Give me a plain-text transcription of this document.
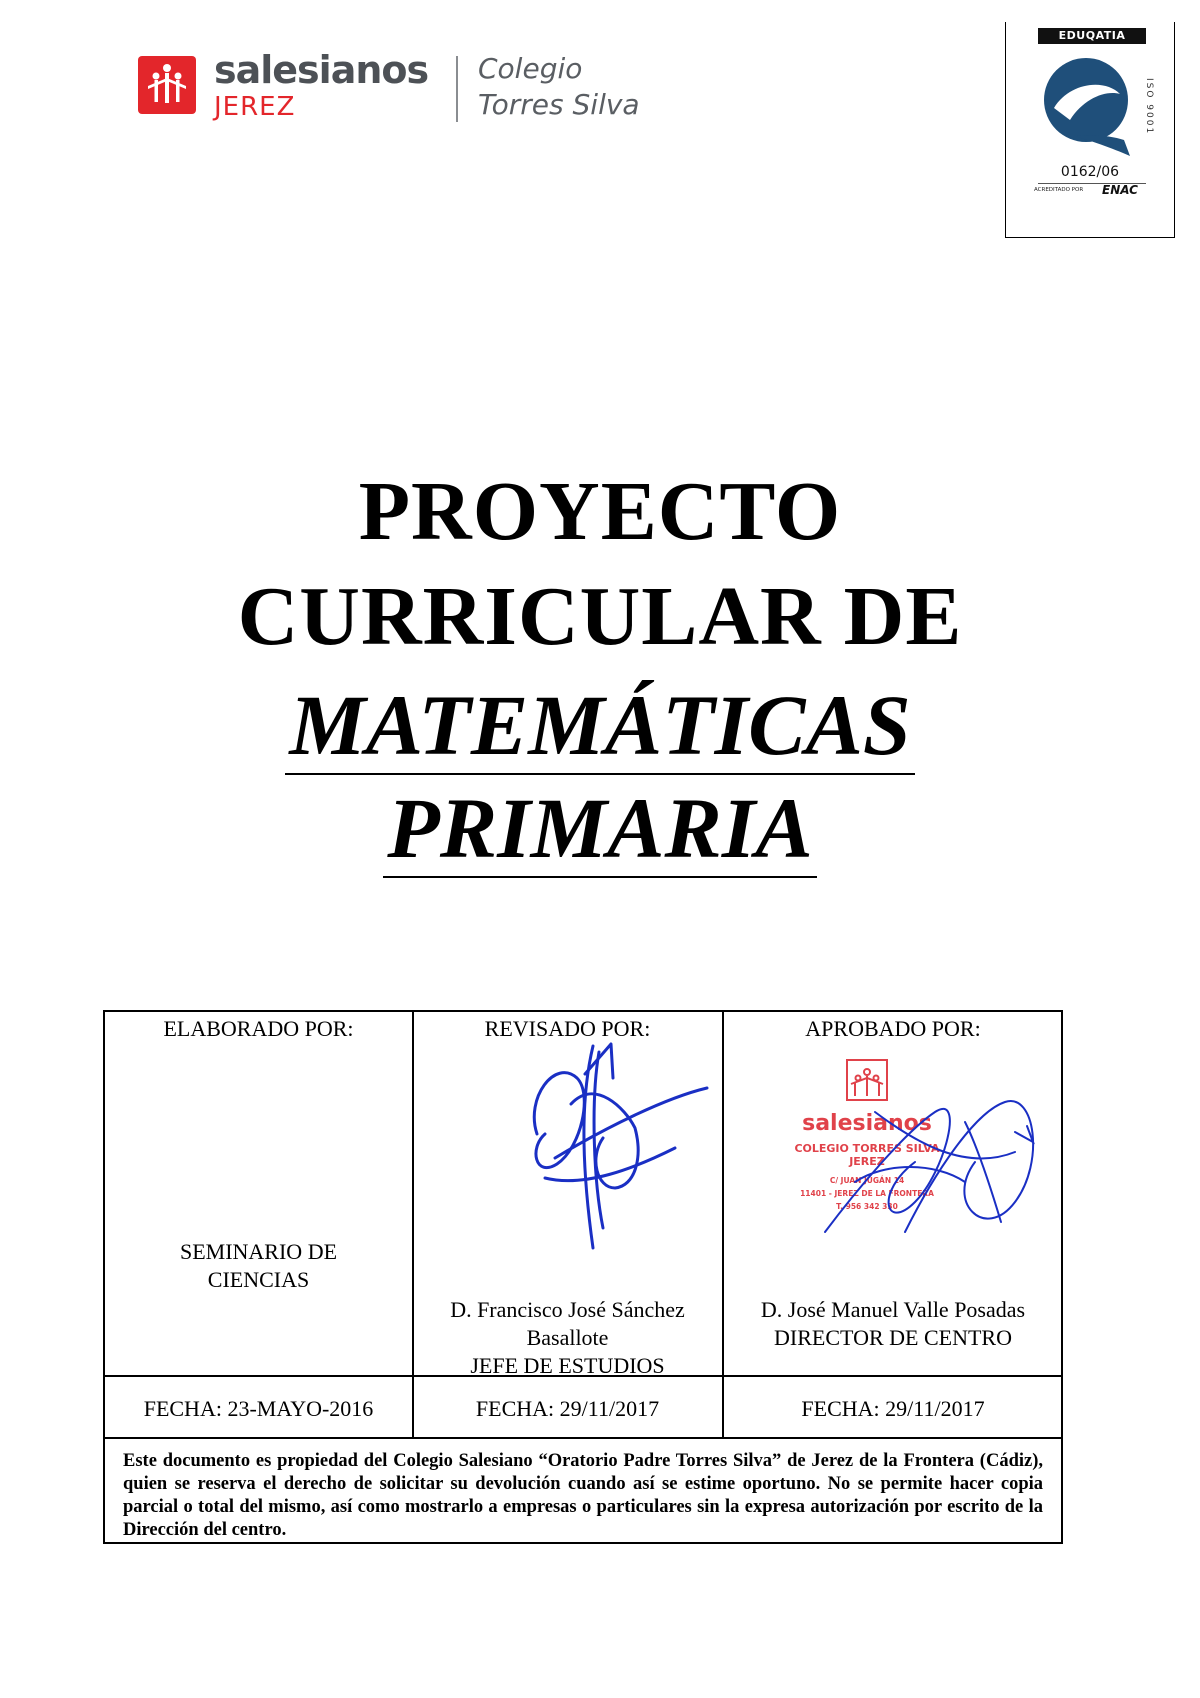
salesianos
JEREZ
Colegio
Torres Silva
EDUQATIA
ISO 9001
0162/06
ACREDITADO POR ENAC
PROYECTO
CURRICULAR DE
MATEMÁTICAS
PRIMARIA
ELABORADO POR:
SEMINARIO DE
CIENCIAS
FECHA: 23-MAYO-2016
REVISADO POR:
D. Francisco José Sánchez
Basallote
JEFE DE ESTUDIOS
FECHA: 29/11/2017
APROBADO POR:
salesianos
COLEGIO TORRES SILVA
JEREZ
C/ JUAN JUGÁN 14
11401 - JEREZ DE LA FRONTERA
T. 956 342 330
D. José Manuel Valle Posadas
DIRECTOR DE CENTRO
FECHA: 29/11/2017
Este documento es propiedad del Colegio Salesiano “Oratorio Padre Torres Silva” de Jerez de la Frontera (Cádiz), quien se reserva el derecho de solicitar su devolución cuando así se estime oportuno. No se permite hacer copia parcial o total del mismo, así como mostrarlo a empresas o particulares sin la expresa autorización por escrito de la Dirección del centro.
